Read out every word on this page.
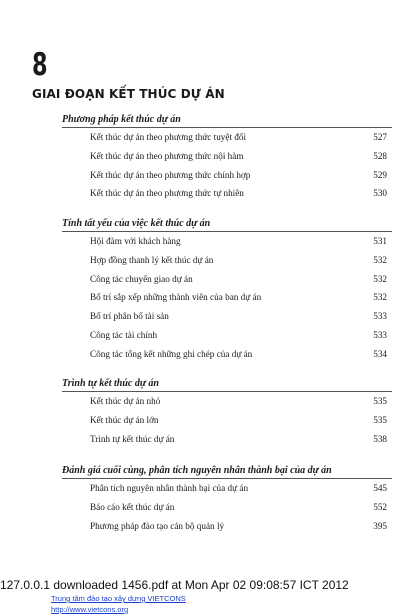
8
GIAI ĐOẠN KẾT THÚC DỰ ÁN
Phương pháp kết thúc dự án
Kết thúc dự án theo phương thức tuyệt đối	527
Kết thúc dự án theo phương thức nội hàm	528
Kết thúc dự án theo phương thức chính hợp	529
Kết thúc dự án theo phương thức tự nhiên	530
Tính tất yếu của việc kết thúc dự án
Hội đàm với khách hàng	531
Hợp đồng thanh lý kết thúc dự án	532
Công tác chuyển giao dự án	532
Bố trí sắp xếp những thành viên của ban dự án	532
Bố trí phân bổ tài sản	533
Công tác tài chính	533
Công tác tổng kết những ghi chép của dự án	534
Trình tự kết thúc dự án
Kết thúc dự án nhỏ	535
Kết thúc dự án lớn	535
Trình tự kết thúc dự án	538
Đánh giá cuối cùng, phân tích nguyên nhân thành bại của dự án
Phân tích nguyên nhân thành bại của dự án	545
Báo cáo kết thúc dự án	552
Phương pháp đào tạo cán bộ quản lý	395
127.0.0.1 downloaded 1456.pdf at Mon Apr 02 09:08:57 ICT 2012
Trung tâm đào tạo xây dựng VIETCONS
http://www.vietcons.org
